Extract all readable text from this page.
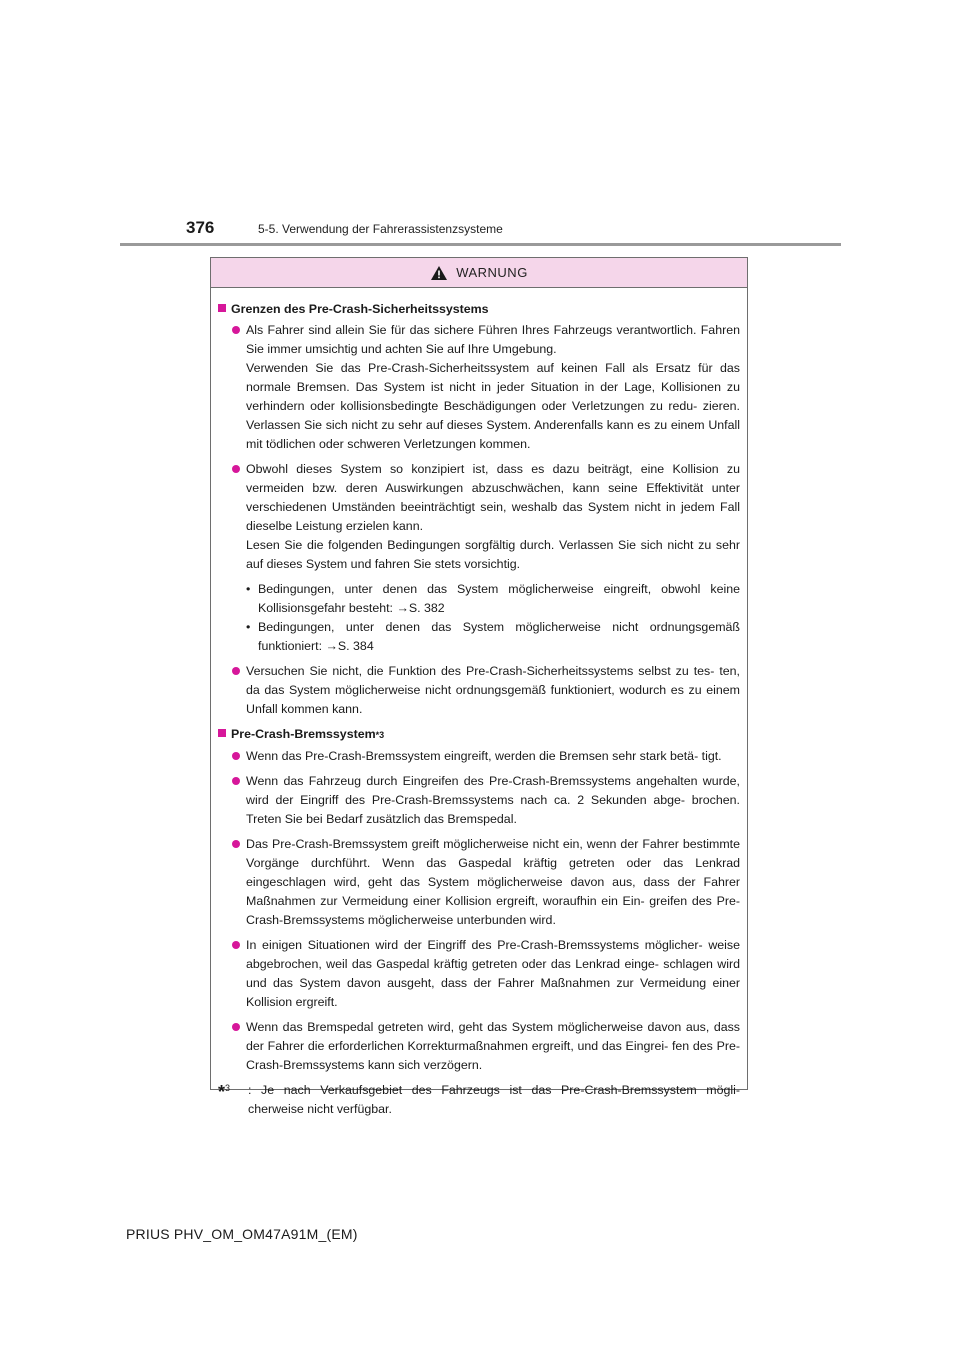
376	5-5. Verwendung der Fahrerassistenzsysteme
WARNUNG
Grenzen des Pre-Crash-Sicherheitssystems

Als Fahrer sind allein Sie für das sichere Führen Ihres Fahrzeugs verantwortlich. Fahren Sie immer umsichtig und achten Sie auf Ihre Umgebung.

Verwenden Sie das Pre-Crash-Sicherheitssystem auf keinen Fall als Ersatz für das normale Bremsen. Das System ist nicht in jeder Situation in der Lage, Kollisionen zu verhindern oder kollisionsbedingte Beschädigungen oder Verletzungen zu redu- zieren. Verlassen Sie sich nicht zu sehr auf dieses System. Anderenfalls kann es zu einem Unfall mit tödlichen oder schweren Verletzungen kommen.

Obwohl dieses System so konzipiert ist, dass es dazu beiträgt, eine Kollision zu vermeiden bzw. deren Auswirkungen abzuschwächen, kann seine Effektivität unter verschiedenen Umständen beeinträchtigt sein, weshalb das System nicht in jedem Fall dieselbe Leistung erzielen kann.

Lesen Sie die folgenden Bedingungen sorgfältig durch. Verlassen Sie sich nicht zu sehr auf dieses System und fahren Sie stets vorsichtig.

• Bedingungen, unter denen das System möglicherweise eingreift, obwohl keine Kollisionsgefahr besteht: →S. 382
• Bedingungen, unter denen das System möglicherweise nicht ordnungsgemäß funktioniert: →S. 384

Versuchen Sie nicht, die Funktion des Pre-Crash-Sicherheitssystems selbst zu tes- ten, da das System möglicherweise nicht ordnungsgemäß funktioniert, wodurch es zu einem Unfall kommen kann.

Pre-Crash-Bremssystem *3

Wenn das Pre-Crash-Bremssystem eingreift, werden die Bremsen sehr stark betä- tigt.

Wenn das Fahrzeug durch Eingreifen des Pre-Crash-Bremssystems angehalten wurde, wird der Eingriff des Pre-Crash-Bremssystems nach ca. 2 Sekunden abge- brochen. Treten Sie bei Bedarf zusätzlich das Bremspedal.

Das Pre-Crash-Bremssystem greift möglicherweise nicht ein, wenn der Fahrer bestimmte Vorgänge durchführt. Wenn das Gaspedal kräftig getreten oder das Lenkrad eingeschlagen wird, geht das System möglicherweise davon aus, dass der Fahrer Maßnahmen zur Vermeidung einer Kollision ergreift, woraufhin ein Ein- greifen des Pre-Crash-Bremssystems möglicherweise unterbunden wird.

In einigen Situationen wird der Eingriff des Pre-Crash-Bremssystems möglicher- weise abgebrochen, weil das Gaspedal kräftig getreten oder das Lenkrad einge- schlagen wird und das System davon ausgeht, dass der Fahrer Maßnahmen zur Vermeidung einer Kollision ergreift.

Wenn das Bremspedal getreten wird, geht das System möglicherweise davon aus, dass der Fahrer die erforderlichen Korrekturmaßnahmen ergreift, und das Eingrei- fen des Pre-Crash-Bremssystems kann sich verzögern.

$*_3$	: Je nach Verkaufsgebiet des Fahrzeugs ist das Pre-Crash-Bremssystem mögli- cherweise nicht verfügbar.
PRIUS PHV_OM_OM47A91M_(EM)
